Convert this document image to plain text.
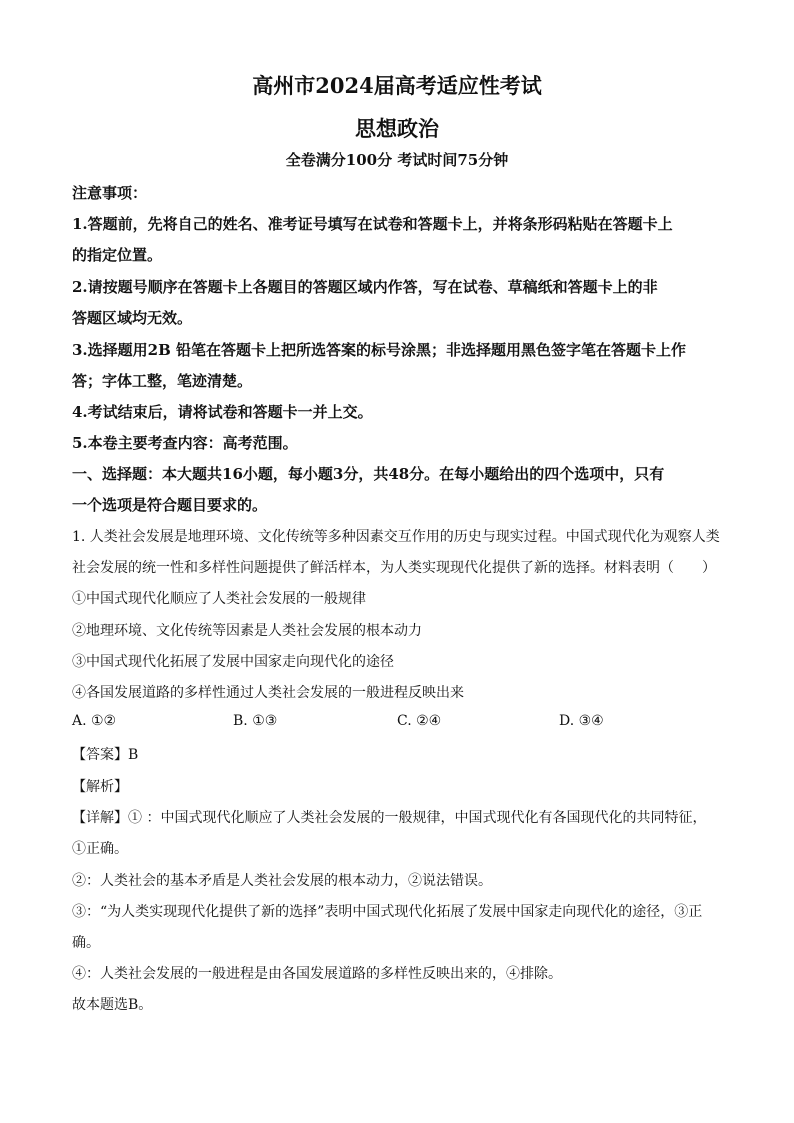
高州市2024届高考适应性考试
思想政治
全卷满分100分 考试时间75分钟
注意事项：
1.答题前，先将自己的姓名、准考证号填写在试卷和答题卡上，并将条形码粘贴在答题卡上
的指定位置。
2.请按题号顺序在答题卡上各题目的答题区域内作答，写在试卷、草稿纸和答题卡上的非
答题区域均无效。
3.选择题用2B 铅笔在答题卡上把所选答案的标号涂黑；非选择题用黑色签字笔在答题卡上作
答；字体工整，笔迹清楚。
4.考试结束后，请将试卷和答题卡一并上交。
5.本卷主要考查内容：高考范围。
一、选择题：本大题共16小题，每小题3分，共48分。在每小题给出的四个选项中，只有
一个选项是符合题目要求的。
1. 人类社会发展是地理环境、文化传统等多种因素交互作用的历史与现实过程。中国式现代化为观察人类
社会发展的统一性和多样性问题提供了鲜活样本，为人类实现现代化提供了新的选择。材料表明（　　）
①中国式现代化顺应了人类社会发展的一般规律
②地理环境、文化传统等因素是人类社会发展的根本动力
③中国式现代化拓展了发展中国家走向现代化的途径
④各国发展道路的多样性通过人类社会发展的一般进程反映出来
A. ①②	B. ①③	C. ②④	D. ③④
【答案】B
【解析】
【详解】① ：中国式现代化顺应了人类社会发展的一般规律，中国式现代化有各国现代化的共同特征，
①正确。
②：人类社会的基本矛盾是人类社会发展的根本动力，②说法错误。
③：“为人类实现现代化提供了新的选择”表明中国式现代化拓展了发展中国家走向现代化的途径，③正
确。
④：人类社会发展的一般进程是由各国发展道路的多样性反映出来的，④排除。
故本题选B。
